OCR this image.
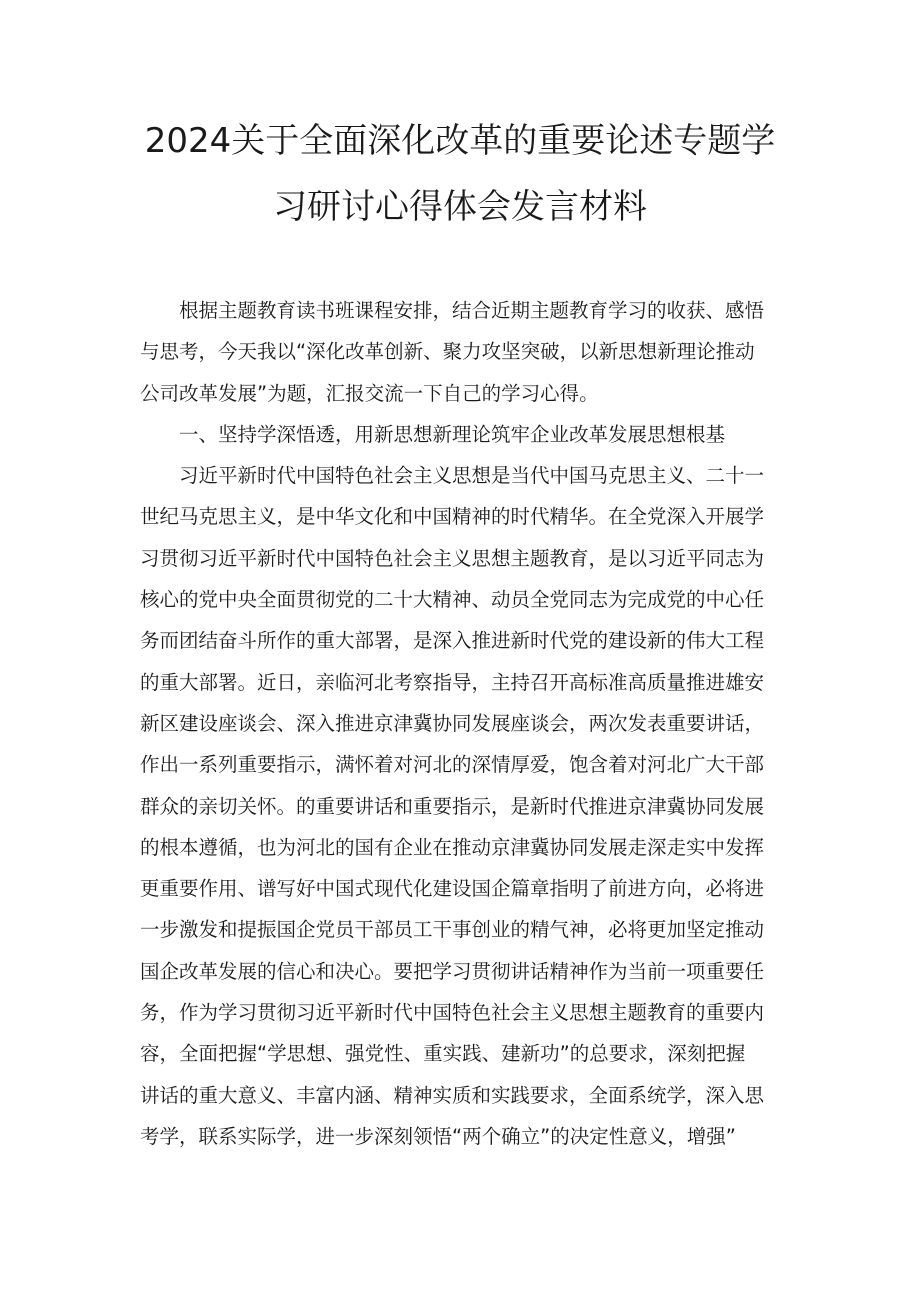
2024关于全面深化改革的重要论述专题学
习研讨心得体会发言材料

根据主题教育读书班课程安排，结合近期主题教育学习的收获、感悟
与思考，今天我以“深化改革创新、聚力攻坚突破，以新思想新理论推动
公司改革发展”为题，汇报交流一下自己的学习心得。

一、坚持学深悟透，用新思想新理论筑牢企业改革发展思想根基

习近平新时代中国特色社会主义思想是当代中国马克思主义、二十一
世纪马克思主义，是中华文化和中国精神的时代精华。在全党深入开展学
习贯彻习近平新时代中国特色社会主义思想主题教育，是以习近平同志为
核心的党中央全面贯彻党的二十大精神、动员全党同志为完成党的中心任
务而团结奋斗所作的重大部署，是深入推进新时代党的建设新的伟大工程
的重大部署。近日，亲临河北考察指导，主持召开高标准高质量推进雄安
新区建设座谈会、深入推进京津冀协同发展座谈会，两次发表重要讲话，
作出一系列重要指示，满怀着对河北的深情厚爱，饱含着对河北广大干部
群众的亲切关怀。的重要讲话和重要指示，是新时代推进京津冀协同发展
的根本遵循，也为河北的国有企业在推动京津冀协同发展走深走实中发挥
更重要作用、谱写好中国式现代化建设国企篇章指明了前进方向，必将进
一步激发和提振国企党员干部员工干事创业的精气神，必将更加坚定推动
国企改革发展的信心和决心。要把学习贯彻讲话精神作为当前一项重要任
务，作为学习贯彻习近平新时代中国特色社会主义思想主题教育的重要内
容，全面把握“学思想、强党性、重实践、建新功”的总要求，深刻把握
讲话的重大意义、丰富内涵、精神实质和实践要求，全面系统学，深入思
考学，联系实际学，进一步深刻领悟“两个确立”的决定性意义，增强”
